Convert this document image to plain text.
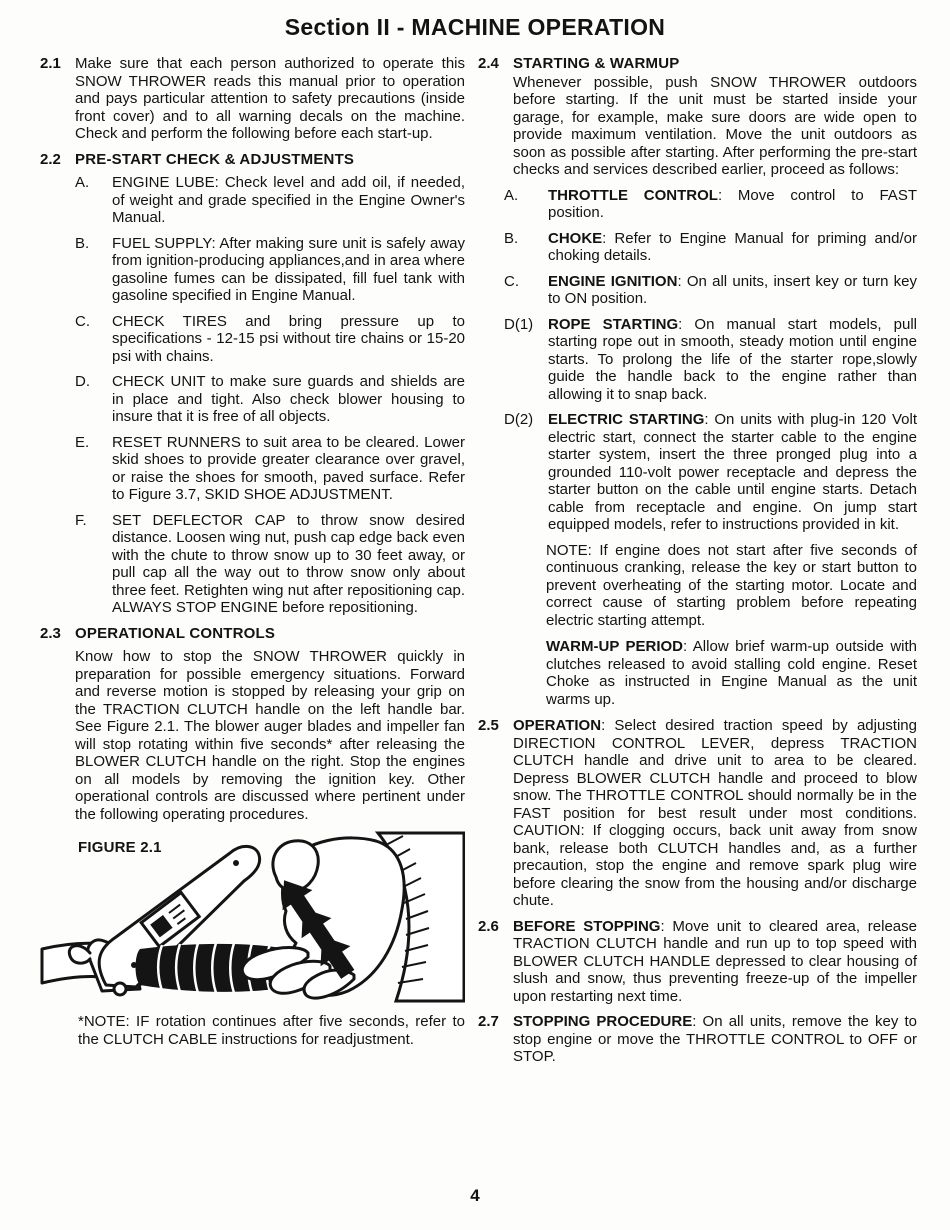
Section II - MACHINE OPERATION
2.1 Make sure that each person authorized to operate this SNOW THROWER reads this manual prior to operation and pays particular attention to safety precautions (inside front cover) and to all warning decals on the machine. Check and perform the following before each start-up.

2.2 PRE-START CHECK & ADJUSTMENTS

A.	ENGINE LUBE: Check level and add oil, if needed, of weight and grade specified in the Engine Owner's Manual.

B.	FUEL SUPPLY: After making sure unit is safely away from ignition-producing appliances,and in area where gasoline fumes can be dissipated, fill fuel tank with gasoline specified in Engine Manual.

C.	CHECK TIRES and bring pressure up to specifications - 12-15 psi without tire chains or 15-20 psi with chains.

D.	CHECK UNIT to make sure guards and shields are in place and tight. Also check blower housing to insure that it is free of all objects.

E.	RESET RUNNERS to suit area to be cleared. Lower skid shoes to provide greater clearance over gravel, or raise the shoes for smooth, paved surface. Refer to Figure 3.7, SKID SHOE ADJUSTMENT.

F.	SET DEFLECTOR CAP to throw snow desired distance. Loosen wing nut, push cap edge back even with the chute to throw snow up to 30 feet away, or pull cap all the way out to throw snow only about three feet. Retighten wing nut after repositioning cap. ALWAYS STOP ENGINE before repositioning.

2.3 OPERATIONAL CONTROLS

Know how to stop the SNOW THROWER quickly in preparation for possible emergency situations. Forward and reverse motion is stopped by releasing your grip on the TRACTION CLUTCH handle on the left handle bar. See Figure 2.1. The blower auger blades and impeller fan will stop rotating within five seconds* after releasing the BLOWER CLUTCH handle on the right. Stop the engines on all models by removing the ignition key. Other operational controls are discussed where pertinent under the following operating procedures.

FIGURE 2.1

*NOTE: IF rotation continues after five seconds, refer to the CLUTCH CABLE instructions for readjustment.

2.4 STARTING & WARMUP

Whenever possible, push SNOW THROWER outdoors before starting. If the unit must be started inside your garage, for example, make sure doors are wide open to provide maximum ventilation. Move the unit outdoors as soon as possible after starting. After performing the pre-start checks and services described earlier, proceed as follows:

A.	THROTTLE CONTROL: Move control to FAST position.

B.	CHOKE: Refer to Engine Manual for priming and/or choking details.

C.	ENGINE IGNITION: On all units, insert key or turn key to ON position.

D(1) ROPE STARTING: On manual start models, pull starting rope out in smooth, steady motion until engine starts. To prolong the life of the starter rope,slowly guide the handle back to the engine rather than allowing it to snap back.

D(2) ELECTRIC STARTING: On units with plug-in 120 Volt electric start, connect the starter cable to the engine starter system, insert the three pronged plug into a grounded 110-volt power receptacle and depress the starter button on the cable until engine starts. Detach cable from receptacle and engine. On jump start equipped models, refer to instructions provided in kit.

NOTE: If engine does not start after five seconds of continuous cranking, release the key or start button to prevent overheating of the starting motor. Locate and correct cause of starting problem before repeating electric starting attempt.

WARM-UP PERIOD: Allow brief warm-up outside with clutches released to avoid stalling cold engine. Reset Choke as instructed in Engine Manual as the unit warms up.

2.5 OPERATION: Select desired traction speed by adjusting DIRECTION CONTROL LEVER, depress TRACTION CLUTCH handle and drive unit to area to be cleared. Depress BLOWER CLUTCH handle and proceed to blow snow. The THROTTLE CONTROL should normally be in the FAST position for best result under most conditions. CAUTION: If clogging occurs, back unit away from snow bank, release both CLUTCH handles and, as a further precaution, stop the engine and remove spark plug wire before clearing the snow from the housing and/or discharge chute.

2.6 BEFORE STOPPING: Move unit to cleared area, release TRACTION CLUTCH handle and run up to top speed with BLOWER CLUTCH HANDLE depressed to clear housing of slush and snow, thus preventing freeze-up of the impeller upon restarting next time.

2.7 STOPPING PROCEDURE: On all units, remove the key to stop engine or move the THROTTLE CONTROL to OFF or STOP.

4
